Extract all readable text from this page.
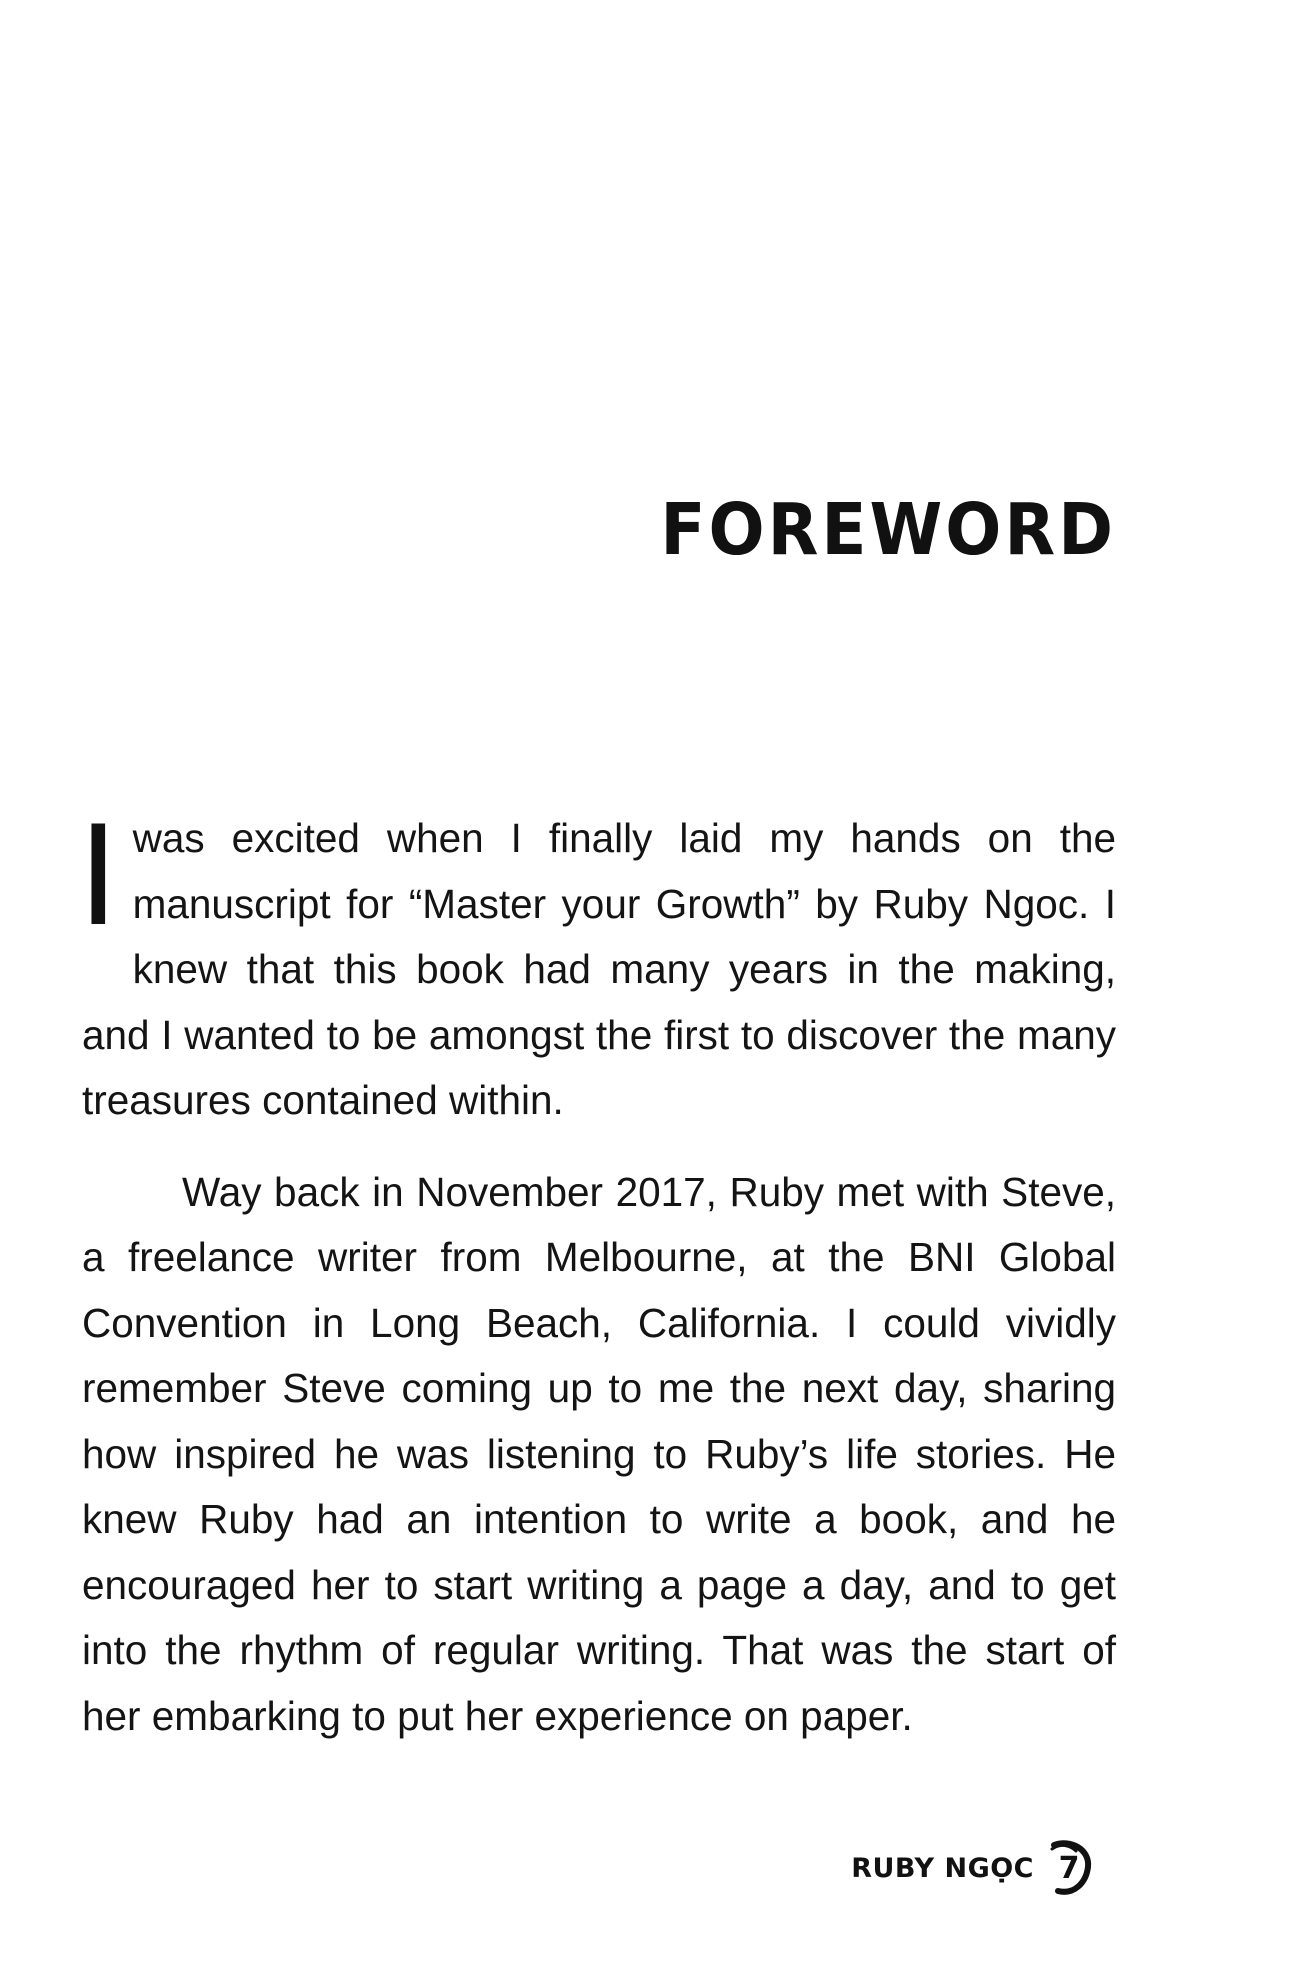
FOREWORD

I was excited when I finally laid my hands on the manuscript for “Master your Growth” by Ruby Ngoc. I knew that this book had many years in the making, and I wanted to be amongst the first to discover the many treasures contained within.

Way back in November 2017, Ruby met with Steve, a freelance writer from Melbourne, at the BNI Global Convention in Long Beach, California. I could vividly remember Steve coming up to me the next day, sharing how inspired he was listening to Ruby’s life stories. He knew Ruby had an intention to write a book, and he encouraged her to start writing a page a day, and to get into the rhythm of regular writing. That was the start of her embarking to put her experience on paper.

RUBY NGỌC 7
